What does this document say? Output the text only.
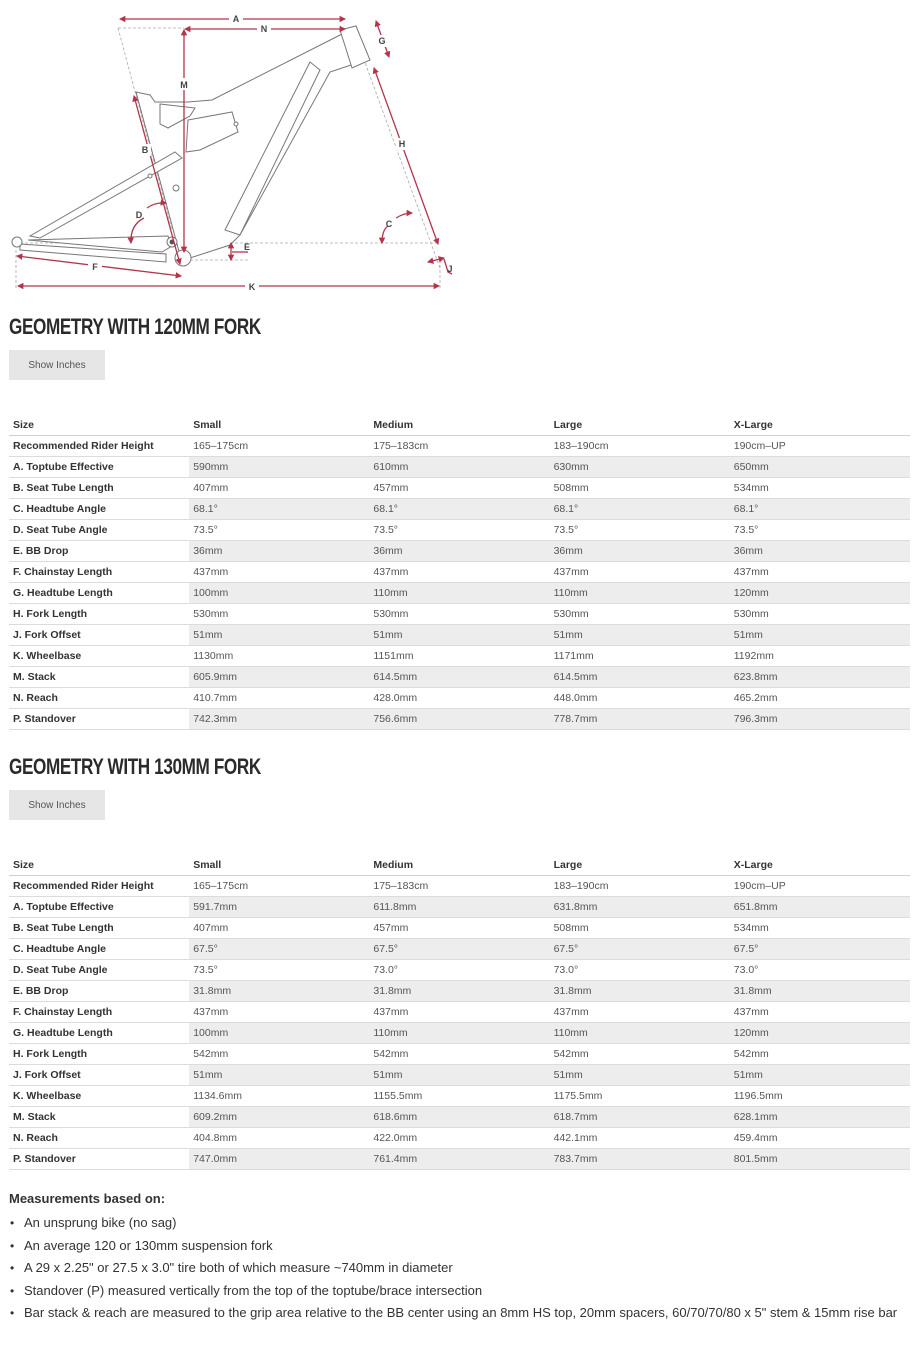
A
N
G
M
B
H
D
C
E
J
F
K
GEOMETRY WITH 120MM FORK
Show Inches
Size	Small	Medium	Large	X-Large
Recommended Rider Height	165–175cm	175–183cm	183–190cm	190cm–UP
A. Toptube Effective	590mm	610mm	630mm	650mm
B. Seat Tube Length	407mm	457mm	508mm	534mm
C. Headtube Angle	68.1°	68.1°	68.1°	68.1°
D. Seat Tube Angle	73.5°	73.5°	73.5°	73.5°
E. BB Drop	36mm	36mm	36mm	36mm
F. Chainstay Length	437mm	437mm	437mm	437mm
G. Headtube Length	100mm	110mm	110mm	120mm
H. Fork Length	530mm	530mm	530mm	530mm
J. Fork Offset	51mm	51mm	51mm	51mm
K. Wheelbase	1130mm	1151mm	1171mm	1192mm
M. Stack	605.9mm	614.5mm	614.5mm	623.8mm
N. Reach	410.7mm	428.0mm	448.0mm	465.2mm
P. Standover	742.3mm	756.6mm	778.7mm	796.3mm
GEOMETRY WITH 130MM FORK
Show Inches
Size	Small	Medium	Large	X-Large
Recommended Rider Height	165–175cm	175–183cm	183–190cm	190cm–UP
A. Toptube Effective	591.7mm	611.8mm	631.8mm	651.8mm
B. Seat Tube Length	407mm	457mm	508mm	534mm
C. Headtube Angle	67.5°	67.5°	67.5°	67.5°
D. Seat Tube Angle	73.5°	73.0°	73.0°	73.0°
E. BB Drop	31.8mm	31.8mm	31.8mm	31.8mm
F. Chainstay Length	437mm	437mm	437mm	437mm
G. Headtube Length	100mm	110mm	110mm	120mm
H. Fork Length	542mm	542mm	542mm	542mm
J. Fork Offset	51mm	51mm	51mm	51mm
K. Wheelbase	1134.6mm	1155.5mm	1175.5mm	1196.5mm
M. Stack	609.2mm	618.6mm	618.7mm	628.1mm
N. Reach	404.8mm	422.0mm	442.1mm	459.4mm
P. Standover	747.0mm	761.4mm	783.7mm	801.5mm
Measurements based on:
• An unsprung bike (no sag)
• An average 120 or 130mm suspension fork
• A 29 x 2.25" or 27.5 x 3.0" tire both of which measure ~740mm in diameter
• Standover (P) measured vertically from the top of the toptube/brace intersection
• Bar stack & reach are measured to the grip area relative to the BB center using an 8mm HS top, 20mm spacers, 60/70/70/80 x 5" stem & 15mm rise bar
